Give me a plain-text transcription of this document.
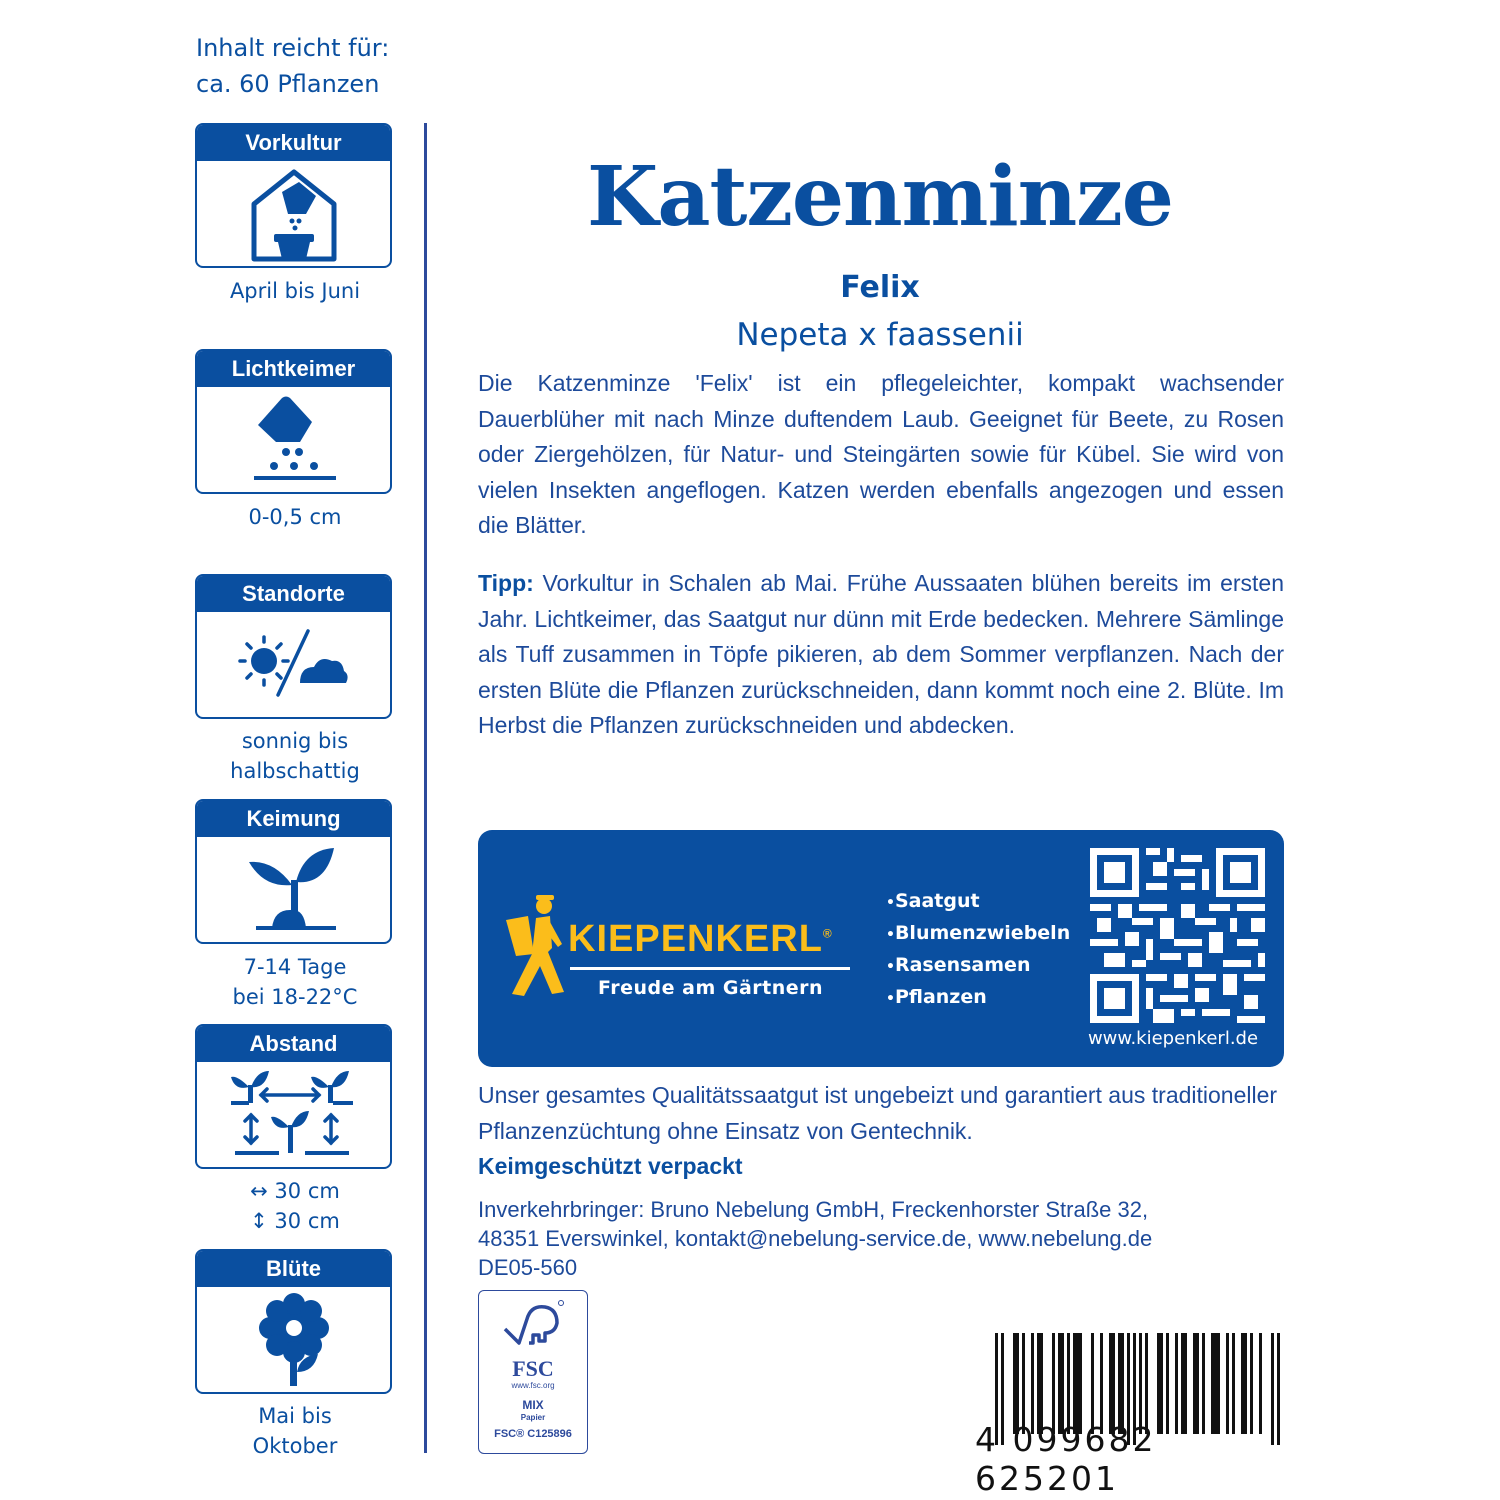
Inhalt reicht für:
ca. 60 Pflanzen
Vorkultur
April bis Juni
Lichtkeimer
0-0,5 cm
Standorte
sonnig bis
halbschattig
Keimung
7-14 Tage
bei 18-22°C
Abstand
↔ 30 cm
↕ 30 cm
Blüte
Mai bis
Oktober
Katzenminze
Felix
Nepeta x faassenii
Die Katzenminze 'Felix' ist ein pflegeleichter, kompakt wachsender Dauerblüher mit nach Minze duftendem Laub. Geeignet für Beete, zu Rosen oder Ziergehölzen, für Natur- und Steingärten sowie für Kübel. Sie wird von vielen Insekten angeflogen. Katzen werden ebenfalls angezogen und essen die Blätter.
Tipp: Vorkultur in Schalen ab Mai. Frühe Aussaaten blühen bereits im ersten Jahr. Lichtkeimer, das Saatgut nur dünn mit Erde bedecken. Mehrere Sämlinge als Tuff zusammen in Töpfe pikieren, ab dem Sommer verpflanzen. Nach der ersten Blüte die Pflanzen zurückschneiden, dann kommt noch eine 2. Blüte. Im Herbst die Pflanzen zurückschneiden und abdecken.
KIEPENKERL®
Freude am Gärtnern
• Saatgut
• Blumenzwiebeln
• Rasensamen
• Pflanzen
www.kiepenkerl.de
Unser gesamtes Qualitätssaatgut ist ungebeizt und garantiert aus traditioneller Pflanzenzüchtung ohne Einsatz von Gentechnik.
Keimgeschützt verpackt
Inverkehrbringer: Bruno Nebelung GmbH, Freckenhorster Straße 32,
48351 Everswinkel, kontakt@nebelung-service.de, www.nebelung.de
DE05-560
FSC
www.fsc.org
MIX
Papier
FSC® C125896	4 099682 625201
